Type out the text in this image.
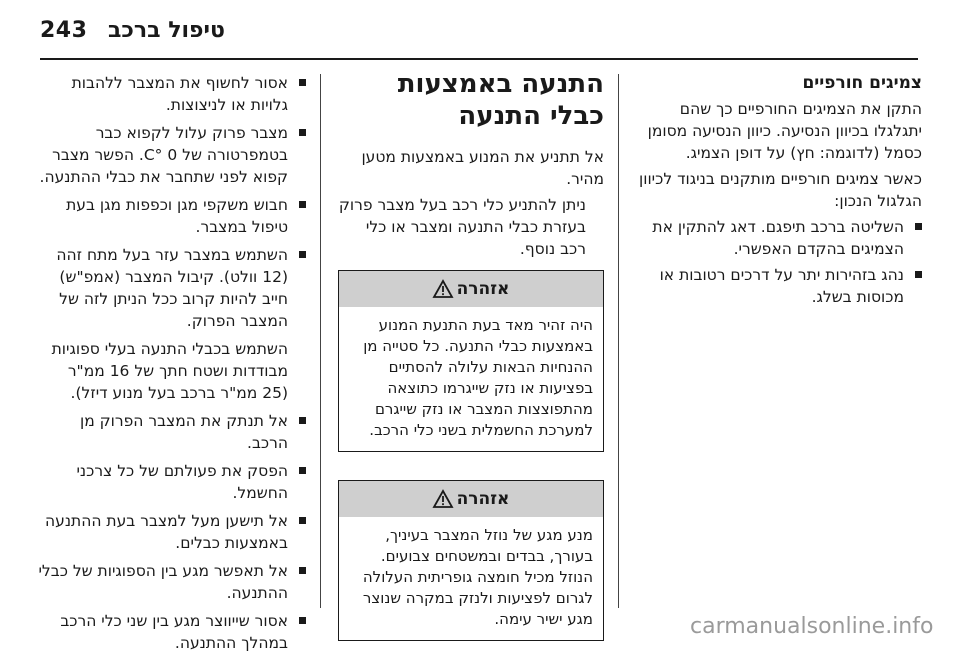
243 טיפול ברכב
צמיגים חורפיים

התקן את הצמיגים החורפיים כך שהם יתגלגלו בכיוון הנסיעה. כיוון הנסיעה מסומן כסמל (לדוגמה: חץ) על דופן הצמיג.

כאשר צמיגים חורפיים מותקנים בניגוד לכיוון הגלגול הנכון:

השליטה ברכב תיפגם. דאג להתקין את הצמיגים בהקדם האפשרי.
נהג בזהירות יתר על דרכים רטובות או מכוסות בשלג.
התנעה באמצעות כבלי התנעה

אל תתניע את המנוע באמצעות מטען מהיר.

ניתן להתניע כלי רכב בעל מצבר פרוק בעזרת כבלי התנעה ומצבר או כלי רכב נוסף.

אזהרה
היה זהיר מאד בעת התנעת המנוע באמצעות כבלי התנעה. כל סטייה מן ההנחיות הבאות עלולה להסתיים בפציעות או נזק שייגרמו כתוצאה מהתפוצצות המצבר או נזק שייגרם למערכת החשמלית בשני כלי הרכב.
אזהרה
מנע מגע של נוזל המצבר בעיניך, בעורך, בבדים ובמשטחים צבועים. הנוזל מכיל חומצה גופריתית העלולה לגרום לפציעות ולנזק במקרה שנוצר מגע ישיר עימה.
אסור לחשוף את המצבר ללהבות גלויות או לניצוצות.
מצבר פרוק עלול לקפוא כבר בטמפרטורה של 0 °C. הפשר מצבר קפוא לפני שתחבר את כבלי ההתנעה.
חבוש משקפי מגן וכפפות מגן בעת טיפול במצבר.
השתמש במצבר עזר בעל מתח זהה (12 וולט). קיבול המצבר (אמפ"ש) חייב להיות קרוב ככל הניתן לזה של המצבר הפרוק.

השתמש בכבלי התנעה בעלי ספוגיות מבודדות ושטח חתך של 16 ממ"ר (25 ממ"ר ברכב בעל מנוע דיזל).

אל תנתק את המצבר הפרוק מן הרכב.
הפסק את פעולתם של כל צרכני החשמל.
אל תישען מעל למצבר בעת ההתנעה באמצעות כבלים.
אל תאפשר מגע בין הספוגיות של כבלי ההתנעה.
אסור שייווצר מגע בין שני כלי הרכב במהלך ההתנעה.
carmanualsonline.info
